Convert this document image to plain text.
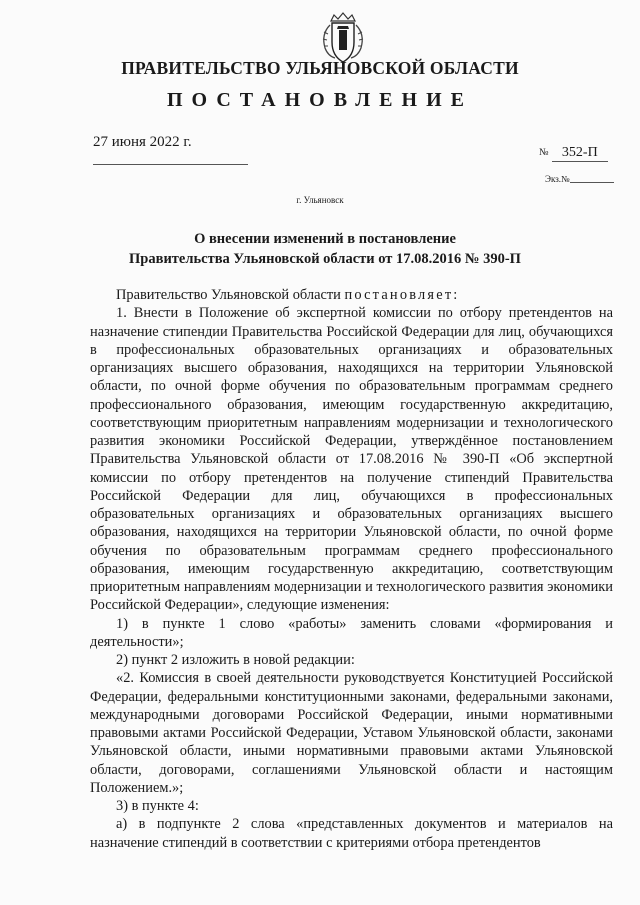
ПРАВИТЕЛЬСТВО УЛЬЯНОВСКОЙ ОБЛАСТИ
ПОСТАНОВЛЕНИЕ
27 июня 2022 г.
№ 352-П
Экз.№
г. Ульяновск
О внесении изменений в постановление
Правительства Ульяновской области от 17.08.2016 № 390-П

Правительство Ульяновской области постановляет:

1. Внести в Положение об экспертной комиссии по отбору претендентов на назначение стипендии Правительства Российской Федерации для лиц, обучающихся в профессиональных образовательных организациях и образовательных организациях высшего образования, находящихся на территории Ульяновской области, по очной форме обучения по образовательным программам среднего профессионального образования, имеющим государственную аккредитацию, соответствующим приоритетным направлениям модернизации и технологического развития экономики Российской Федерации, утверждённое постановлением Правительства Ульяновской области от 17.08.2016 № 390-П «Об экспертной комиссии по отбору претендентов на получение стипендий Правительства Российской Федерации для лиц, обучающихся в профессиональных образовательных организациях и образовательных организациях высшего образования, находящихся на территории Ульяновской области, по очной форме обучения по образовательным программам среднего профессионального образования, имеющим государственную аккредитацию, соответствующим приоритетным направлениям модернизации и технологического развития экономики Российской Федерации», следующие изменения:

1) в пункте 1 слово «работы» заменить словами «формирования и деятельности»;

2) пункт 2 изложить в новой редакции:

«2. Комиссия в своей деятельности руководствуется Конституцией Российской Федерации, федеральными конституционными законами, федеральными законами, международными договорами Российской Федерации, иными нормативными правовыми актами Российской Федерации, Уставом Ульяновской области, законами Ульяновской области, иными нормативными правовыми актами Ульяновской области, договорами, соглашениями Ульяновской области и настоящим Положением.»;

3) в пункте 4:

а) в подпункте 2 слова «представленных документов и материалов на назначение стипендий в соответствии с критериями отбора претендентов
